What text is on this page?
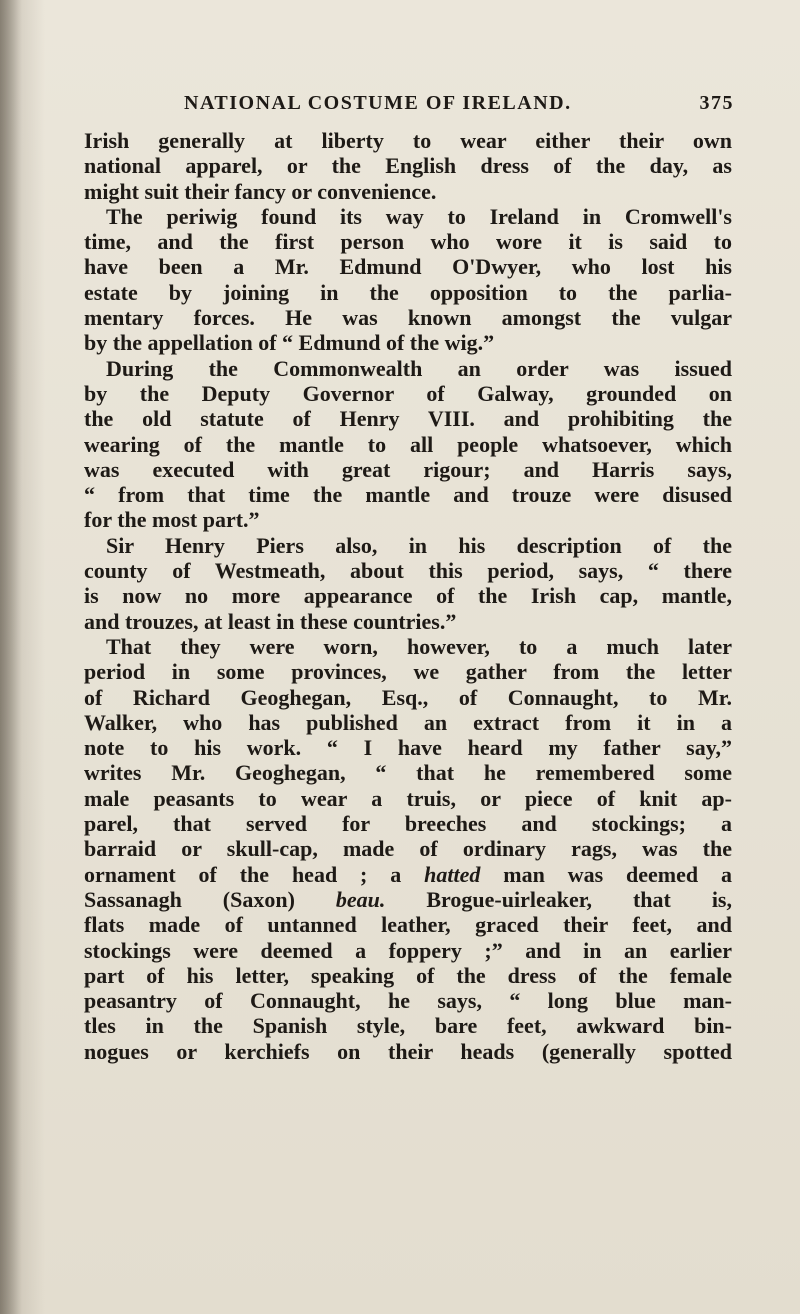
NATIONAL COSTUME OF IRELAND.	375
Irish generally at liberty to wear either their own
national apparel, or the English dress of the day, as
might suit their fancy or convenience.
The periwig found its way to Ireland in Cromwell's
time, and the first person who wore it is said to
have been a Mr. Edmund O'Dwyer, who lost his
estate by joining in the opposition to the parlia-
mentary forces. He was known amongst the vulgar
by the appellation of “ Edmund of the wig.”
During the Commonwealth an order was issued
by the Deputy Governor of Galway, grounded on
the old statute of Henry VIII. and prohibiting the
wearing of the mantle to all people whatsoever, which
was executed with great rigour; and Harris says,
“ from that time the mantle and trouze were disused
for the most part.”
Sir Henry Piers also, in his description of the
county of Westmeath, about this period, says, “ there
is now no more appearance of the Irish cap, mantle,
and trouzes, at least in these countries.”
That they were worn, however, to a much later
period in some provinces, we gather from the letter
of Richard Geoghegan, Esq., of Connaught, to Mr.
Walker, who has published an extract from it in a
note to his work. “ I have heard my father say,”
writes Mr. Geoghegan, “ that he remembered some
male peasants to wear a truis, or piece of knit ap-
parel, that served for breeches and stockings; a
barraid or skull-cap, made of ordinary rags, was the
ornament of the head ; a hatted man was deemed a
Sassanagh (Saxon) beau. Brogue-uirleaker, that is,
flats made of untanned leather, graced their feet, and
stockings were deemed a foppery ;” and in an earlier
part of his letter, speaking of the dress of the female
peasantry of Connaught, he says, “ long blue man-
tles in the Spanish style, bare feet, awkward bin-
nogues or kerchiefs on their heads (generally spotted
